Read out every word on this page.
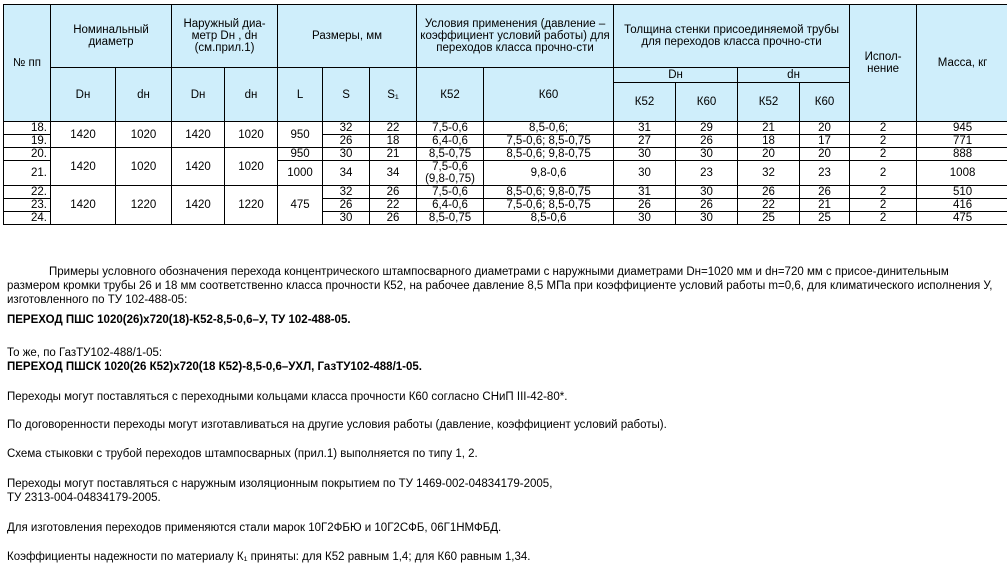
№ пп	Номинальный диаметр		Наружный диа-метр Dн , dн (см.прил.1)		Размеры, мм			Условия применения (давление –коэффициент условий работы) для переходов класса прочно-сти		Толщина стенки присоединяемой трубы для переходов класса прочно-сти				Испол-нение	Масса, кг
	Dн	dн	Dн	dн	L	S	S₁	К52	К60	Dн		dн			
										К52	К60	К52	К60		
18.	1420	1020	1420	1020	950	32	22	7,5-0,6	8,5-0,6;	31	29	21	20	2	945
19.						26	18	6,4-0,6	7,5-0,6; 8,5-0,75	27	26	18	17	2	771
20.	1420	1020	1420	1020	950	30	21	8,5-0,75	8,5-0,6; 9,8-0,75	30	30	20	20	2	888
21.					1000	34	34	7,5-0,6 (9,8-0,75)	9,8-0,6	30	23	32	23	2	1008
22.	1420	1220	1420	1220	475	32	26	7,5-0,6	8,5-0,6; 9,8-0,75	31	30	26	26	2	510
23.						26	22	6,4-0,6	7,5-0,6; 8,5-0,75	26	26	22	21	2	416
24.						30	26	8,5-0,75	8,5-0,6	30	30	25	25	2	475
Примеры условного обозначения перехода концентрического штампосварного диаметрами с наружными диаметрами Dн=1020 мм и dн=720 мм с присое-динительным размером кромки трубы 26 и 18 мм соответственно класса прочности К52, на рабочее давление 8,5 МПа при коэффициенте условий работы m=0,6, для климатического исполнения У, изготовленного по ТУ 102-488-05:
ПЕРЕХОД ПШС 1020(26)х720(18)-К52-8,5-0,6–У, ТУ 102-488-05.
То же, по ГазТУ102-488/1-05:
ПЕРЕХОД ПШСК 1020(26 К52)х720(18 К52)-8,5-0,6–УХЛ, ГазТУ102-488/1-05.
Переходы могут поставляться с переходными кольцами класса прочности К60 согласно СНиП III-42-80*.
По договоренности переходы могут изготавливаться на другие условия работы (давление, коэффициент условий работы).
Схема стыковки с трубой переходов штампосварных (прил.1) выполняется по типу 1, 2.
Переходы могут поставляться с наружным изоляционным покрытием по ТУ 1469-002-04834179-2005,
ТУ 2313-004-04834179-2005.
Для изготовления переходов применяются стали марок 10Г2ФБЮ и 10Г2СФБ, 06Г1НМФБД.
Коэффициенты надежности по материалу К₁ приняты: для К52 равным 1,4; для К60 равным 1,34.
